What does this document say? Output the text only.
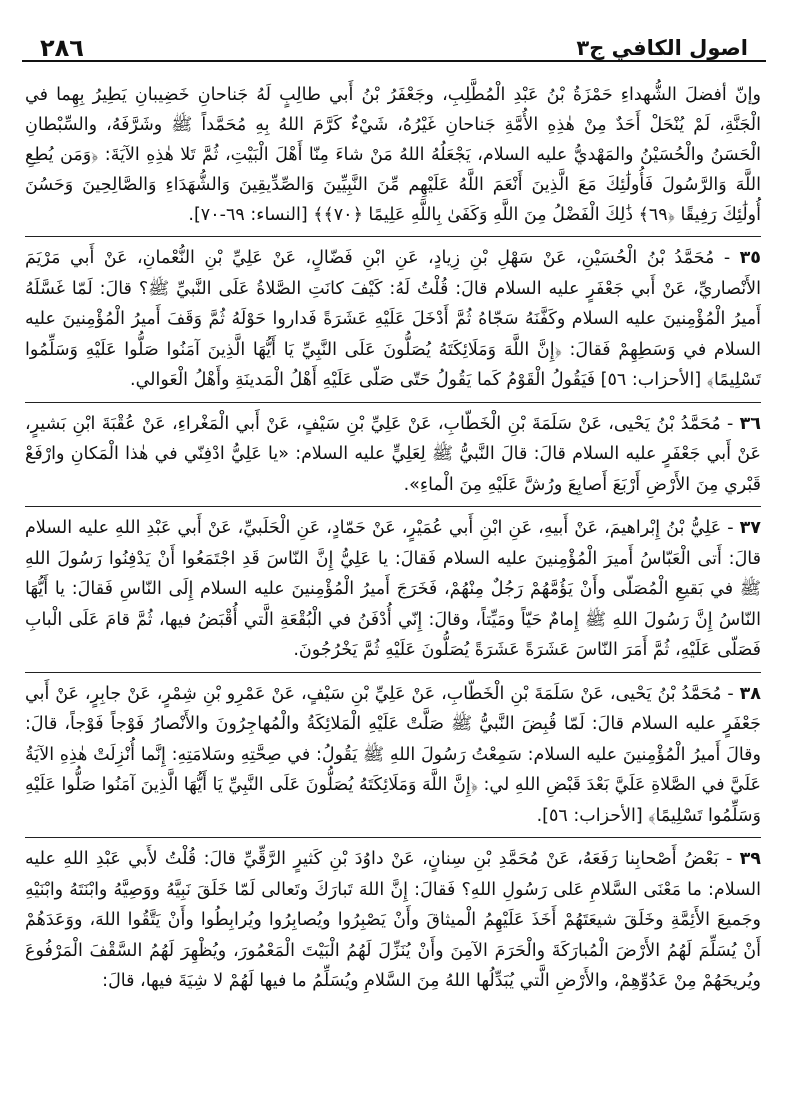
اصول الكافي ج٣
٢٨٦

وإنّ أفضلَ الشُّهداءِ حَمْزَةُ بْنُ عَبْدِ الْمُطَّلِبِ، وجَعْفَرُ بْنُ أَبي طالِبٍ لَهُ جَناحانِ خَضِيبانِ يَطِيرُ بِهِما في الْجَنَّةِ، لَمْ يُنْحَلْ أَحَدٌ مِنْ هٰذِهِ الأُمَّةِ جَناحانِ غَيْرُهُ، شَيْءٌ كَرَّمَ اللهُ بِهِ مُحَمَّداً ﷺ وشَرَّفَهُ، والسِّبْطانِ الْحَسَنُ والْحُسَيْنُ والمَهْديُّ عليه السلام، يَجْعَلُهُ اللهُ مَنْ شاءَ مِنّا أَهْلَ الْبَيْتِ، ثُمَّ تَلا هٰذِهِ الآيَةَ: ﴿وَمَن يُطِعِ اللَّهَ وَالرَّسُولَ فَأُولَٰئِكَ مَعَ الَّذِينَ أَنْعَمَ اللَّهُ عَلَيْهِم مِّنَ النَّبِيِّينَ وَالصِّدِّيقِينَ وَالشُّهَدَاءِ وَالصَّالِحِينَ وَحَسُنَ أُولَٰئِكَ رَفِيقًا ﴿٦٩﴾ ذَٰلِكَ الْفَضْلُ مِنَ اللَّهِ وَكَفَىٰ بِاللَّهِ عَلِيمًا ﴿٧٠﴾﴾ [النساء: ٦٩-٧٠].

٣٥ - مُحَمَّدُ بْنُ الْحُسَيْنِ، عَنْ سَهْلِ بْنِ زِيادٍ، عَنِ ابْنِ فَضّالٍ، عَنْ عَلِيِّ بْنِ النُّعْمانِ، عَنْ أَبي مَرْيَمَ الأَنْصاريِّ، عَنْ أَبي جَعْفَرٍ عليه السلام قالَ: قُلْتُ لَهُ: كَيْفَ كانَتِ الصَّلاةُ عَلَى النَّبيِّ ﷺ؟ قالَ: لَمّا غَسَّلَهُ أَميرُ الْمُؤْمِنينَ عليه السلام وكَفَّنَهُ سَجّاهُ ثُمَّ أَدْخَلَ عَلَيْهِ عَشَرَةً فَداروا حَوْلَهُ ثُمَّ وَقَفَ أَميرُ الْمُؤْمِنينَ عليه السلام في وَسَطِهِمْ فَقالَ: ﴿إِنَّ اللَّهَ وَمَلَائِكَتَهُ يُصَلُّونَ عَلَى النَّبِيِّ يَا أَيُّهَا الَّذِينَ آمَنُوا صَلُّوا عَلَيْهِ وَسَلِّمُوا تَسْلِيمًا﴾ [الأحزاب: ٥٦] فَيَقُولُ الْقَوْمُ كَما يَقُولُ حَتّى صَلّى عَلَيْهِ أَهْلُ الْمَدينَةِ وأَهْلُ الْعَوالي.

٣٦ - مُحَمَّدُ بْنُ يَحْيى، عَنْ سَلَمَةَ بْنِ الْخَطّابِ، عَنْ عَلِيِّ بْنِ سَيْفٍ، عَنْ أَبي الْمَغْراءِ، عَنْ عُقْبَةَ ابْنِ بَشيرٍ، عَنْ أَبي جَعْفَرٍ عليه السلام قالَ: قالَ النَّبيُّ ﷺ لِعَلِيٍّ عليه السلام: «يا عَلِيُّ ادْفِنّي في هٰذا الْمَكانِ وارْفَعْ قَبْري مِنَ الأَرْضِ أَرْبَعَ أَصابِعَ ورُشَّ عَلَيْهِ مِنَ الْماءِ».

٣٧ - عَلِيُّ بْنُ إِبْراهيمَ، عَنْ أَبيهِ، عَنِ ابْنِ أَبي عُمَيْرٍ، عَنْ حَمّادٍ، عَنِ الْحَلَبيِّ، عَنْ أَبي عَبْدِ اللهِ عليه السلام قالَ: أَتى الْعَبّاسُ أَميرَ الْمُؤْمِنينَ عليه السلام فَقالَ: يا عَلِيُّ إِنَّ النّاسَ قَدِ اجْتَمَعُوا أَنْ يَدْفِنُوا رَسُولَ اللهِ ﷺ في بَقيعِ الْمُصَلّى وأَنْ يَؤُمَّهُمْ رَجُلٌ مِنْهُمْ، فَخَرَجَ أَميرُ الْمُؤْمِنينَ عليه السلام إِلَى النّاسِ فَقالَ: يا أَيُّهَا النّاسُ إِنَّ رَسُولَ اللهِ ﷺ إِمامٌ حَيّاً ومَيِّتاً، وقالَ: إِنّي أُدْفَنُ في الْبُقْعَةِ الَّتي أُقْبَضُ فيها، ثُمَّ قامَ عَلَى الْبابِ فَصَلّى عَلَيْهِ، ثُمَّ أَمَرَ النّاسَ عَشَرَةً عَشَرَةً يُصَلُّونَ عَلَيْهِ ثُمَّ يَخْرُجُونَ.

٣٨ - مُحَمَّدُ بْنُ يَحْيى، عَنْ سَلَمَةَ بْنِ الْخَطّابِ، عَنْ عَلِيِّ بْنِ سَيْفٍ، عَنْ عَمْرِو بْنِ شِمْرٍ، عَنْ جابِرٍ، عَنْ أَبي جَعْفَرٍ عليه السلام قالَ: لَمّا قُبِضَ النَّبيُّ ﷺ صَلَّتْ عَلَيْهِ الْمَلائِكَةُ والْمُهاجِرُونَ والأَنْصارُ فَوْجاً فَوْجاً، قالَ: وقالَ أَميرُ الْمُؤْمِنينَ عليه السلام: سَمِعْتُ رَسُولَ اللهِ ﷺ يَقُولُ: في صِحَّتِهِ وسَلامَتِهِ: إِنَّما أُنْزِلَتْ هٰذِهِ الآيَةُ عَلَيَّ في الصَّلاةِ عَلَيَّ بَعْدَ قَبْضِ اللهِ لي: ﴿إِنَّ اللَّهَ وَمَلَائِكَتَهُ يُصَلُّونَ عَلَى النَّبِيِّ يَا أَيُّهَا الَّذِينَ آمَنُوا صَلُّوا عَلَيْهِ وَسَلِّمُوا تَسْلِيمًا﴾ [الأحزاب: ٥٦].

٣٩ - بَعْضُ أَصْحابِنا رَفَعَهُ، عَنْ مُحَمَّدِ بْنِ سِنانٍ، عَنْ داوُدَ بْنِ كَثيرٍ الرَّقِّيِّ قالَ: قُلْتُ لأَبي عَبْدِ اللهِ عليه السلام: ما مَعْنَى السَّلامِ عَلى رَسُولِ اللهِ؟ فَقالَ: إِنَّ اللهَ تَبارَكَ وتَعالى لَمّا خَلَقَ نَبِيَّهُ ووَصِيَّهُ وابْنَتَهُ وابْنَيْهِ وجَميعَ الأَئِمَّةِ وخَلَقَ شيعَتَهُمْ أَخَذَ عَلَيْهِمُ الْميثاقَ وأَنْ يَصْبِرُوا ويُصابِرُوا ويُرابِطُوا وأَنْ يَتَّقُوا اللهَ، ووَعَدَهُمْ أَنْ يُسَلِّمَ لَهُمُ الأَرْضَ الْمُبارَكَةَ والْحَرَمَ الآمِنَ وأَنْ يُنَزِّلَ لَهُمُ الْبَيْتَ الْمَعْمُورَ، ويُظْهِرَ لَهُمُ السَّقْفَ الْمَرْفُوعَ ويُريحَهُمْ مِنْ عَدُوِّهِمْ، والأَرْضِ الَّتي يُبَدِّلُها اللهُ مِنَ السَّلامِ ويُسَلِّمُ ما فيها لَهُمْ لا شِيَةَ فيها، قالَ:
